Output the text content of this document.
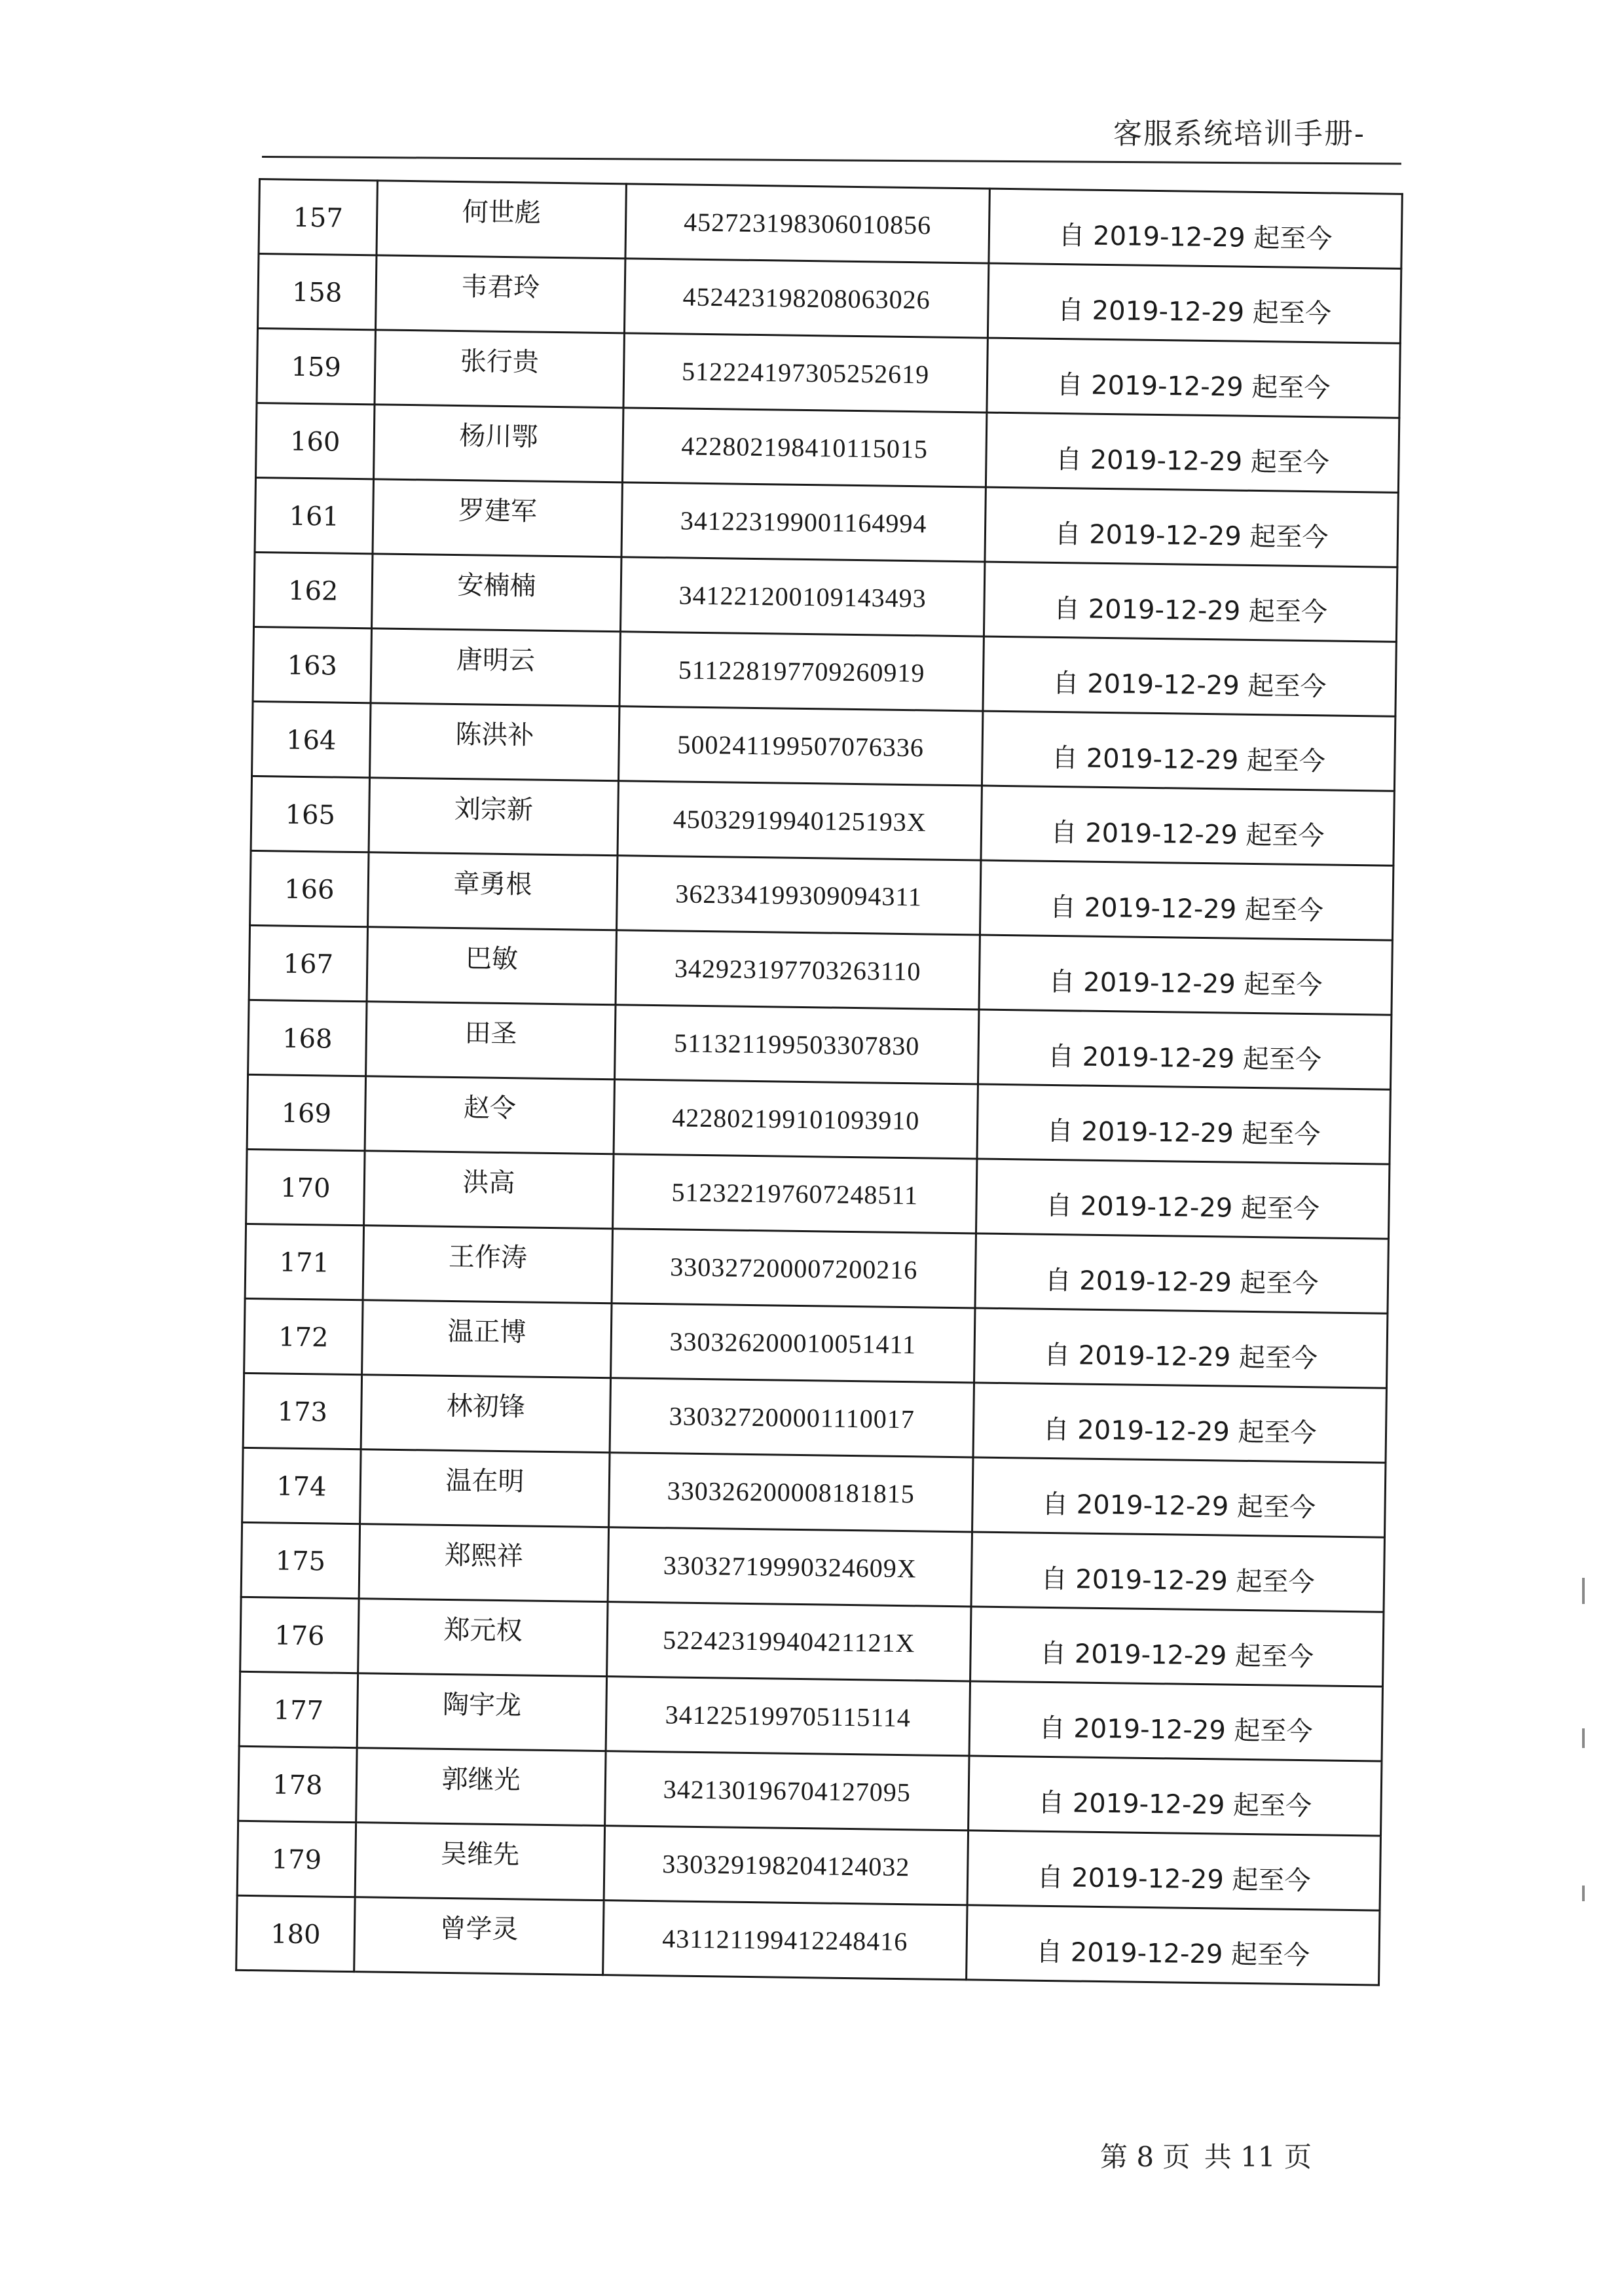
客服系统培训手册-
157	何世彪	452723198306010856	自 2019-12-29 起至今
158	韦君玲	452423198208063026	自 2019-12-29 起至今
159	张行贵	512224197305252619	自 2019-12-29 起至今
160	杨川鄂	422802198410115015	自 2019-12-29 起至今
161	罗建军	341223199001164994	自 2019-12-29 起至今
162	安楠楠	341221200109143493	自 2019-12-29 起至今
163	唐明云	511228197709260919	自 2019-12-29 起至今
164	陈洪补	500241199507076336	自 2019-12-29 起至今
165	刘宗新	45032919940125193X	自 2019-12-29 起至今
166	章勇根	362334199309094311	自 2019-12-29 起至今
167	巴敏	342923197703263110	自 2019-12-29 起至今
168	田圣	511321199503307830	自 2019-12-29 起至今
169	赵令	422802199101093910	自 2019-12-29 起至今
170	洪高	512322197607248511	自 2019-12-29 起至今
171	王作涛	330327200007200216	自 2019-12-29 起至今
172	温正博	330326200010051411	自 2019-12-29 起至今
173	林初锋	330327200001110017	自 2019-12-29 起至今
174	温在明	330326200008181815	自 2019-12-29 起至今
175	郑熙祥	33032719990324609X	自 2019-12-29 起至今
176	郑元权	52242319940421121X	自 2019-12-29 起至今
177	陶宇龙	341225199705115114	自 2019-12-29 起至今
178	郭继光	342130196704127095	自 2019-12-29 起至今
179	吴维先	330329198204124032	自 2019-12-29 起至今
180	曾学灵	431121199412248416	自 2019-12-29 起至今
第 8 页 共 11 页
